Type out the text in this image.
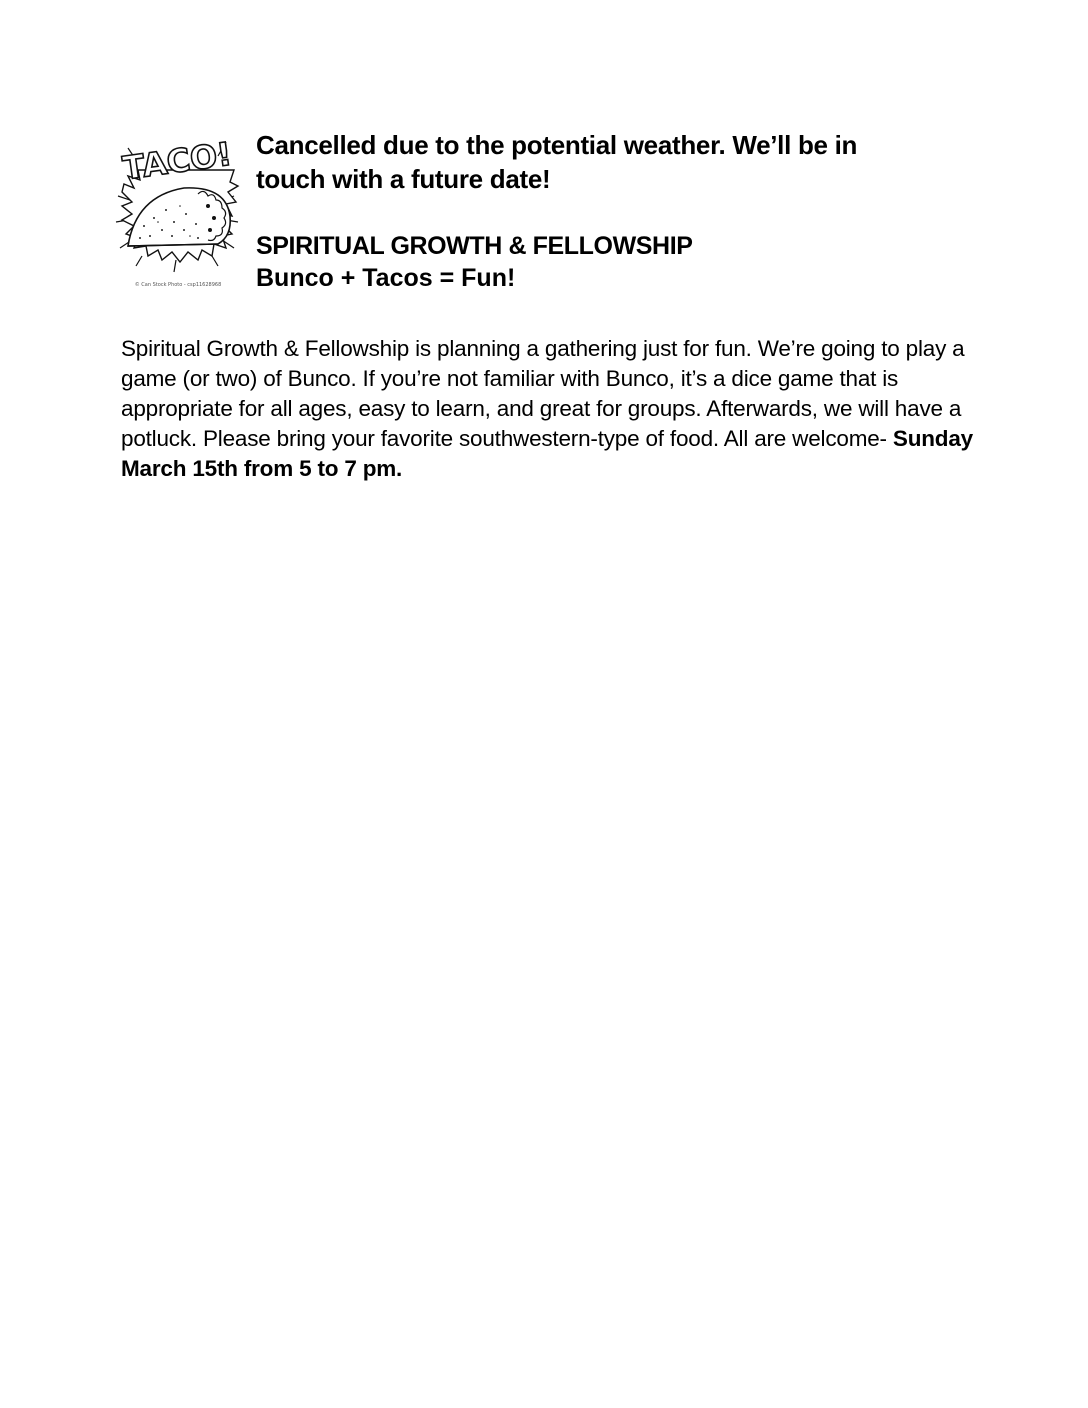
TACO!
© Can Stock Photo - csp11628968

Cancelled due to the potential weather. We’ll be in
touch with a future date!

SPIRITUAL GROWTH & FELLOWSHIP

Bunco + Tacos = Fun!

Spiritual Growth & Fellowship is planning a gathering just for fun. We’re going to play a game (or two) of Bunco. If you’re not familiar with Bunco, it’s a dice game that is appropriate for all ages, easy to learn, and great for groups. Afterwards, we will have a potluck. Please bring your favorite southwestern-type of food. All are welcome- Sunday March 15th from 5 to 7 pm.
